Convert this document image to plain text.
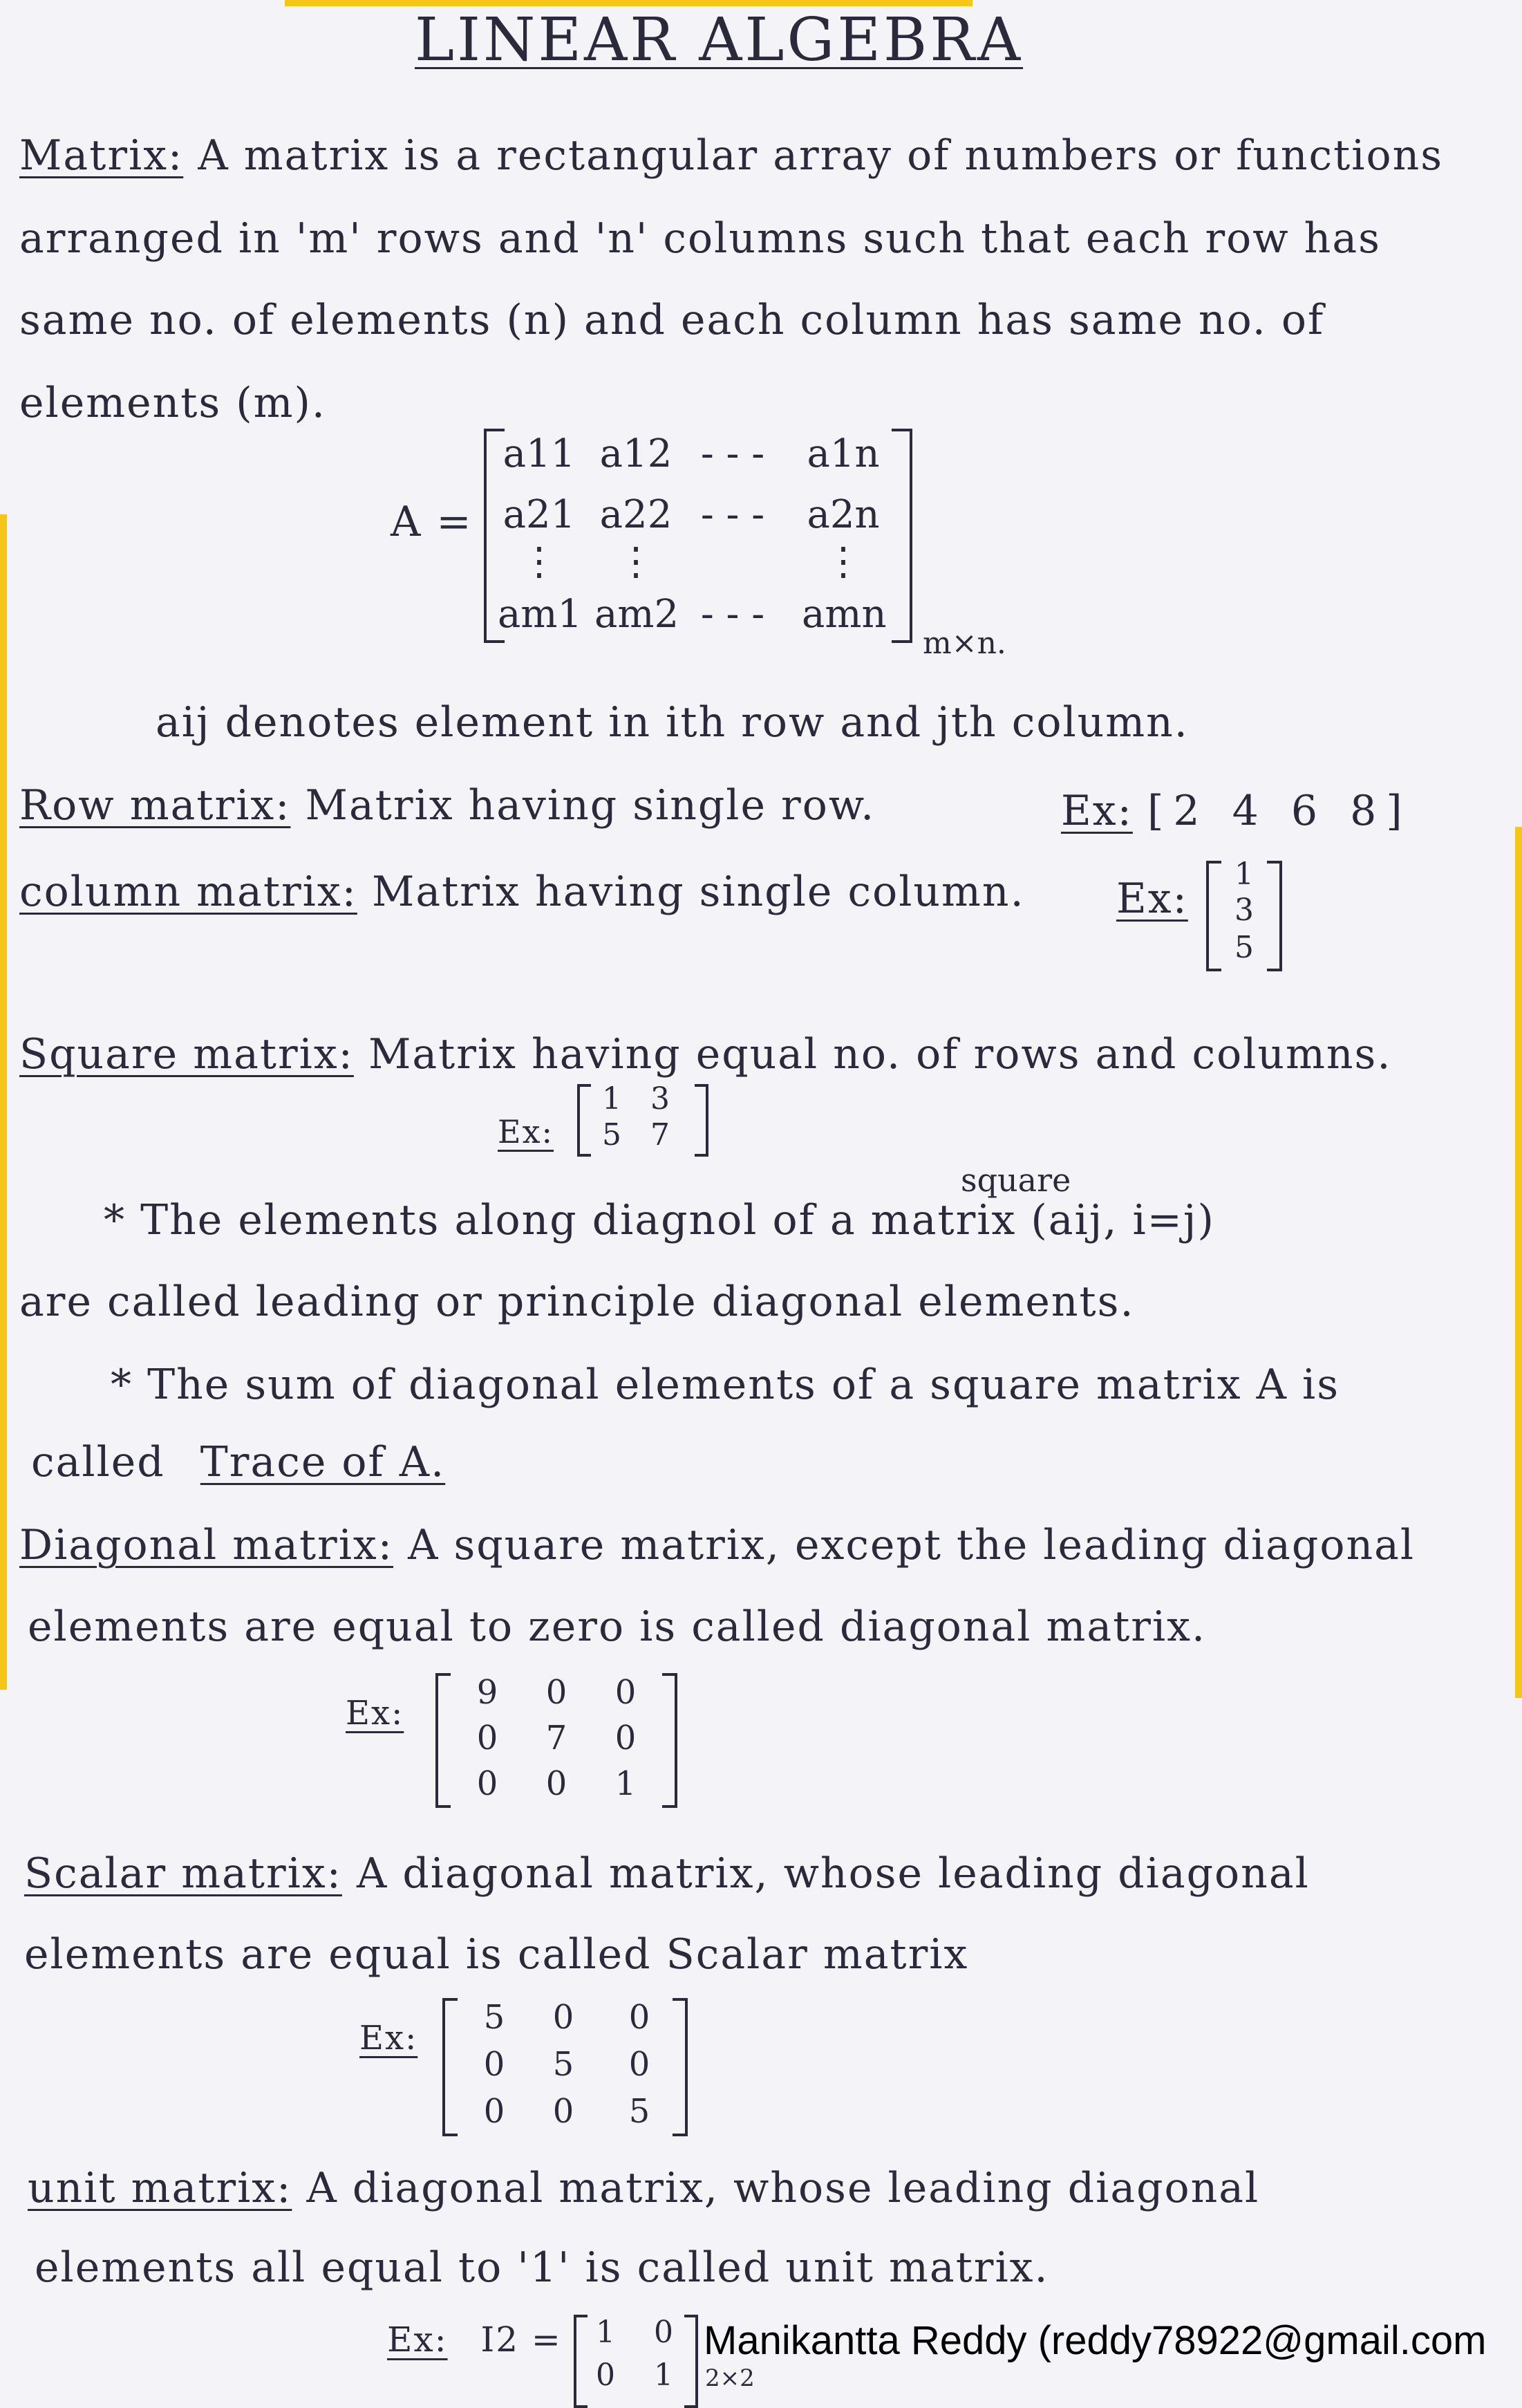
LINEAR ALGEBRA
Matrix: A matrix is a rectangular array of numbers or functions
arranged in 'm' rows and 'n' columns such that each row has
same no. of elements (n) and each column has same no. of
elements (m).
A =
a11 a12 - - - a1n
a21 a22 - - - a2n
⋮	⋮	⋮
am1 am2 - - - amn
m×n.
aij denotes element in ith row and jth column.
Row matrix: Matrix having single row.	Ex: [2 4 6 8]
column matrix: Matrix having single column. Ex:
1
3
5
Square matrix: Matrix having equal no. of rows and columns.
Ex:
1 3
5 7
square
* The elements along diagnol of a matrix (aij, i=j)
are called leading or principle diagonal elements.
* The sum of diagonal elements of a square matrix A is
called Trace of A.
Diagonal matrix: A square matrix, except the leading diagonal
elements are equal to zero is called diagonal matrix.
Ex:
9	0	0
0	7	0
0	0	1
Scalar matrix: A diagonal matrix, whose leading diagonal
elements are equal is called Scalar matrix
Ex:
5	0	0
0	5	0
0	0	5
unit matrix: A diagonal matrix, whose leading diagonal
elements all equal to '1' is called unit matrix.
Ex: I2 =	1	0
0	1	2×2
Manikantta Reddy (reddy78922@gmail.com
